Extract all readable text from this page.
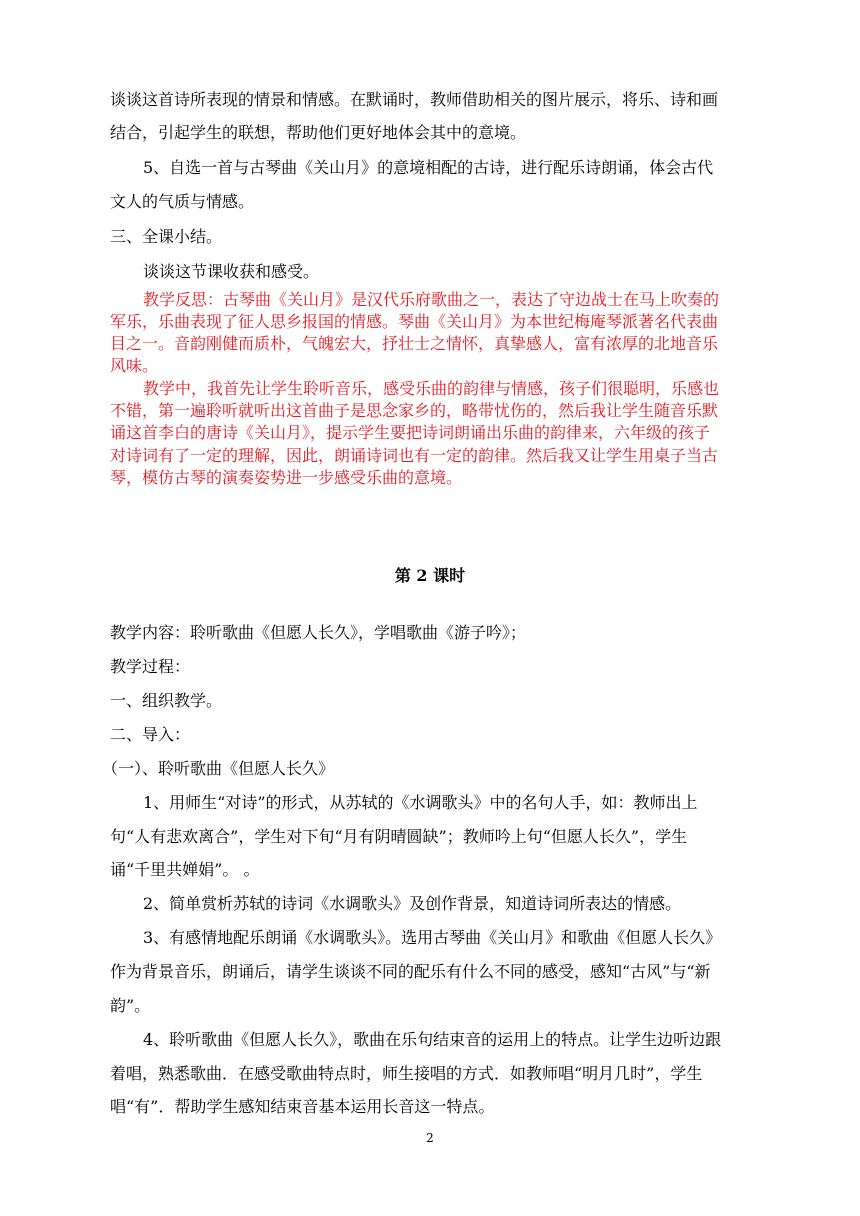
谈谈这首诗所表现的情景和情感。在默诵时，教师借助相关的图片展示，将乐、诗和画
结合，引起学生的联想，帮助他们更好地体会其中的意境。
5、自选一首与古琴曲《关山月》的意境相配的古诗，进行配乐诗朗诵，体会古代
文人的气质与情感。
三、全课小结。
谈谈这节课收获和感受。
教学反思：古琴曲《关山月》是汉代乐府歌曲之一，表达了守边战士在马上吹奏的
军乐，乐曲表现了征人思乡报国的情感。琴曲《关山月》为本世纪梅庵琴派著名代表曲
目之一。音韵刚健而质朴，气魄宏大，抒壮士之情怀，真挚感人，富有浓厚的北地音乐
风味。
教学中，我首先让学生聆听音乐，感受乐曲的韵律与情感，孩子们很聪明，乐感也
不错，第一遍聆听就听出这首曲子是思念家乡的，略带忧伤的，然后我让学生随音乐默
诵这首李白的唐诗《关山月》，提示学生要把诗词朗诵出乐曲的韵律来，六年级的孩子
对诗词有了一定的理解，因此，朗诵诗词也有一定的韵律。然后我又让学生用桌子当古
琴，模仿古琴的演奏姿势进一步感受乐曲的意境。
第 2 课时
教学内容：聆听歌曲《但愿人长久》，学唱歌曲《游子吟》；
教学过程：
一、组织教学。
二、导入：
（一）、聆听歌曲《但愿人长久》
1、用师生“对诗”的形式，从苏轼的《水调歌头》中的名句人手，如：教师出上
句“人有悲欢离合”，学生对下旬“月有阴晴圆缺”；教师吟上句“但愿人长久”，学生
诵“千里共婵娟”。 。
2、简单赏析苏轼的诗词《水调歌头》及创作背景，知道诗词所表达的情感。
3、有感情地配乐朗诵《水调歌头》。选用古琴曲《关山月》和歌曲《但愿人长久》
作为背景音乐，朗诵后，请学生谈谈不同的配乐有什么不同的感受，感知“古风”与“新
韵”。
4、聆听歌曲《但愿人长久》，歌曲在乐句结束音的运用上的特点。让学生边听边跟
着唱，熟悉歌曲．在感受歌曲特点时，师生接唱的方式．如教师唱“明月几时”，学生
唱“有”．帮助学生感知结束音基本运用长音这一特点。
2
